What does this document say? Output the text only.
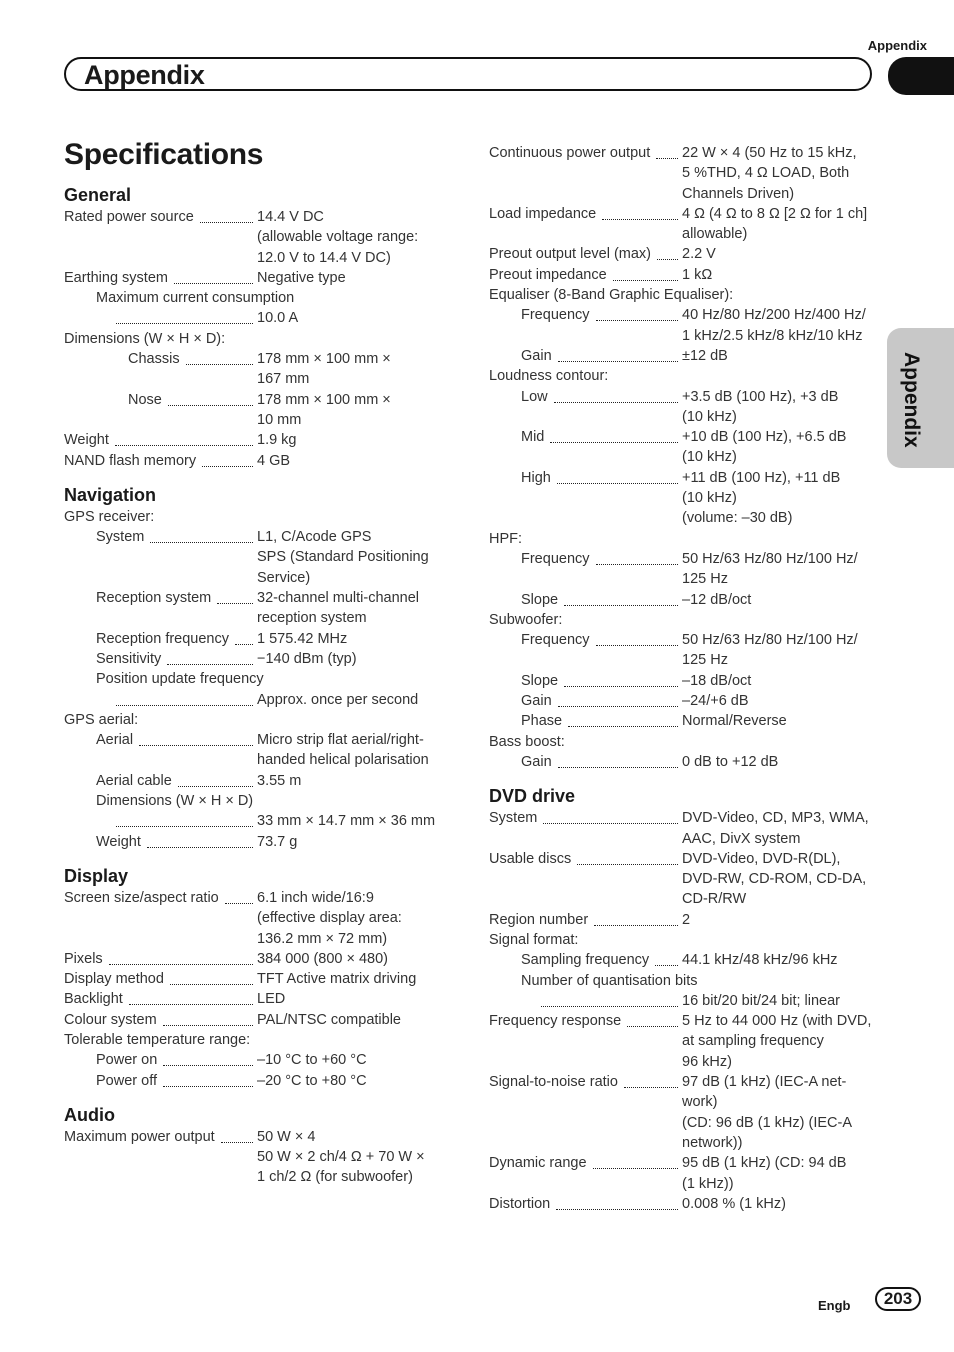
Appendix
Appendix
Appendix
Specifications
General
Rated power source	14.4 V DC
(allowable voltage range:
12.0 V to 14.4 V DC)
Earthing system	Negative type
Maximum current consumption
10.0 A
Dimensions (W × H × D):
Chassis	178 mm × 100 mm ×
167 mm
Nose	178 mm × 100 mm ×
10 mm
Weight	1.9 kg
NAND flash memory	4 GB
Navigation
GPS receiver:
System	L1, C/Acode GPS
SPS (Standard Positioning
Service)
Reception system	32-channel multi-channel
reception system
Reception frequency 1 575.42 MHz
Sensitivity	−140 dBm (typ)
Position update frequency
Approx. once per second
GPS aerial:
Aerial	Micro strip flat aerial/right-
handed helical polarisation
Aerial cable	3.55 m
Dimensions (W × H × D)
33 mm × 14.7 mm × 36 mm
Weight	73.7 g
Display
Screen size/aspect ratio	6.1 inch wide/16:9
(effective display area:
136.2 mm × 72 mm)
Pixels	384 000 (800 × 480)
Display method	TFT Active matrix driving
Backlight	LED
Colour system	PAL/NTSC compatible
Tolerable temperature range:
Power on	–10 °C to +60 °C
Power off	–20 °C to +80 °C
Audio
Maximum power output	50 W × 4
50 W × 2 ch/4 Ω + 70 W ×
1 ch/2 Ω (for subwoofer)
Continuous power output 22 W × 4 (50 Hz to 15 kHz,
5 %THD, 4 Ω LOAD, Both
Channels Driven)
Load impedance	4 Ω (4 Ω to 8 Ω [2 Ω for 1 ch]
allowable)
Preout output level (max) 2.2 V
Preout impedance	1 kΩ
Equaliser (8-Band Graphic Equaliser):
Frequency	40 Hz/80 Hz/200 Hz/400 Hz/
1 kHz/2.5 kHz/8 kHz/10 kHz
Gain	±12 dB
Loudness contour:
Low	+3.5 dB (100 Hz), +3 dB
(10 kHz)
Mid	+10 dB (100 Hz), +6.5 dB
(10 kHz)
High	+11 dB (100 Hz), +11 dB
(10 kHz)
(volume: –30 dB)
HPF:
Frequency	50 Hz/63 Hz/80 Hz/100 Hz/
125 Hz
Slope	–12 dB/oct
Subwoofer:
Frequency	50 Hz/63 Hz/80 Hz/100 Hz/
125 Hz
Slope	–18 dB/oct
Gain	–24/+6 dB
Phase	Normal/Reverse
Bass boost:
Gain	0 dB to +12 dB
DVD drive
System	DVD-Video, CD, MP3, WMA,
AAC, DivX system
Usable discs	DVD-Video, DVD-R(DL),
DVD-RW, CD-ROM, CD-DA,
CD-R/RW
Region number	2
Signal format:
Sampling frequency 44.1 kHz/48 kHz/96 kHz
Number of quantisation bits
16 bit/20 bit/24 bit; linear
Frequency response	5 Hz to 44 000 Hz (with DVD,
at sampling frequency
96 kHz)
Signal-to-noise ratio	97 dB (1 kHz) (IEC-A net-
work)
(CD: 96 dB (1 kHz) (IEC-A
network))
Dynamic range	95 dB (1 kHz) (CD: 94 dB
(1 kHz))
Distortion	0.008 % (1 kHz)
Engb	203
